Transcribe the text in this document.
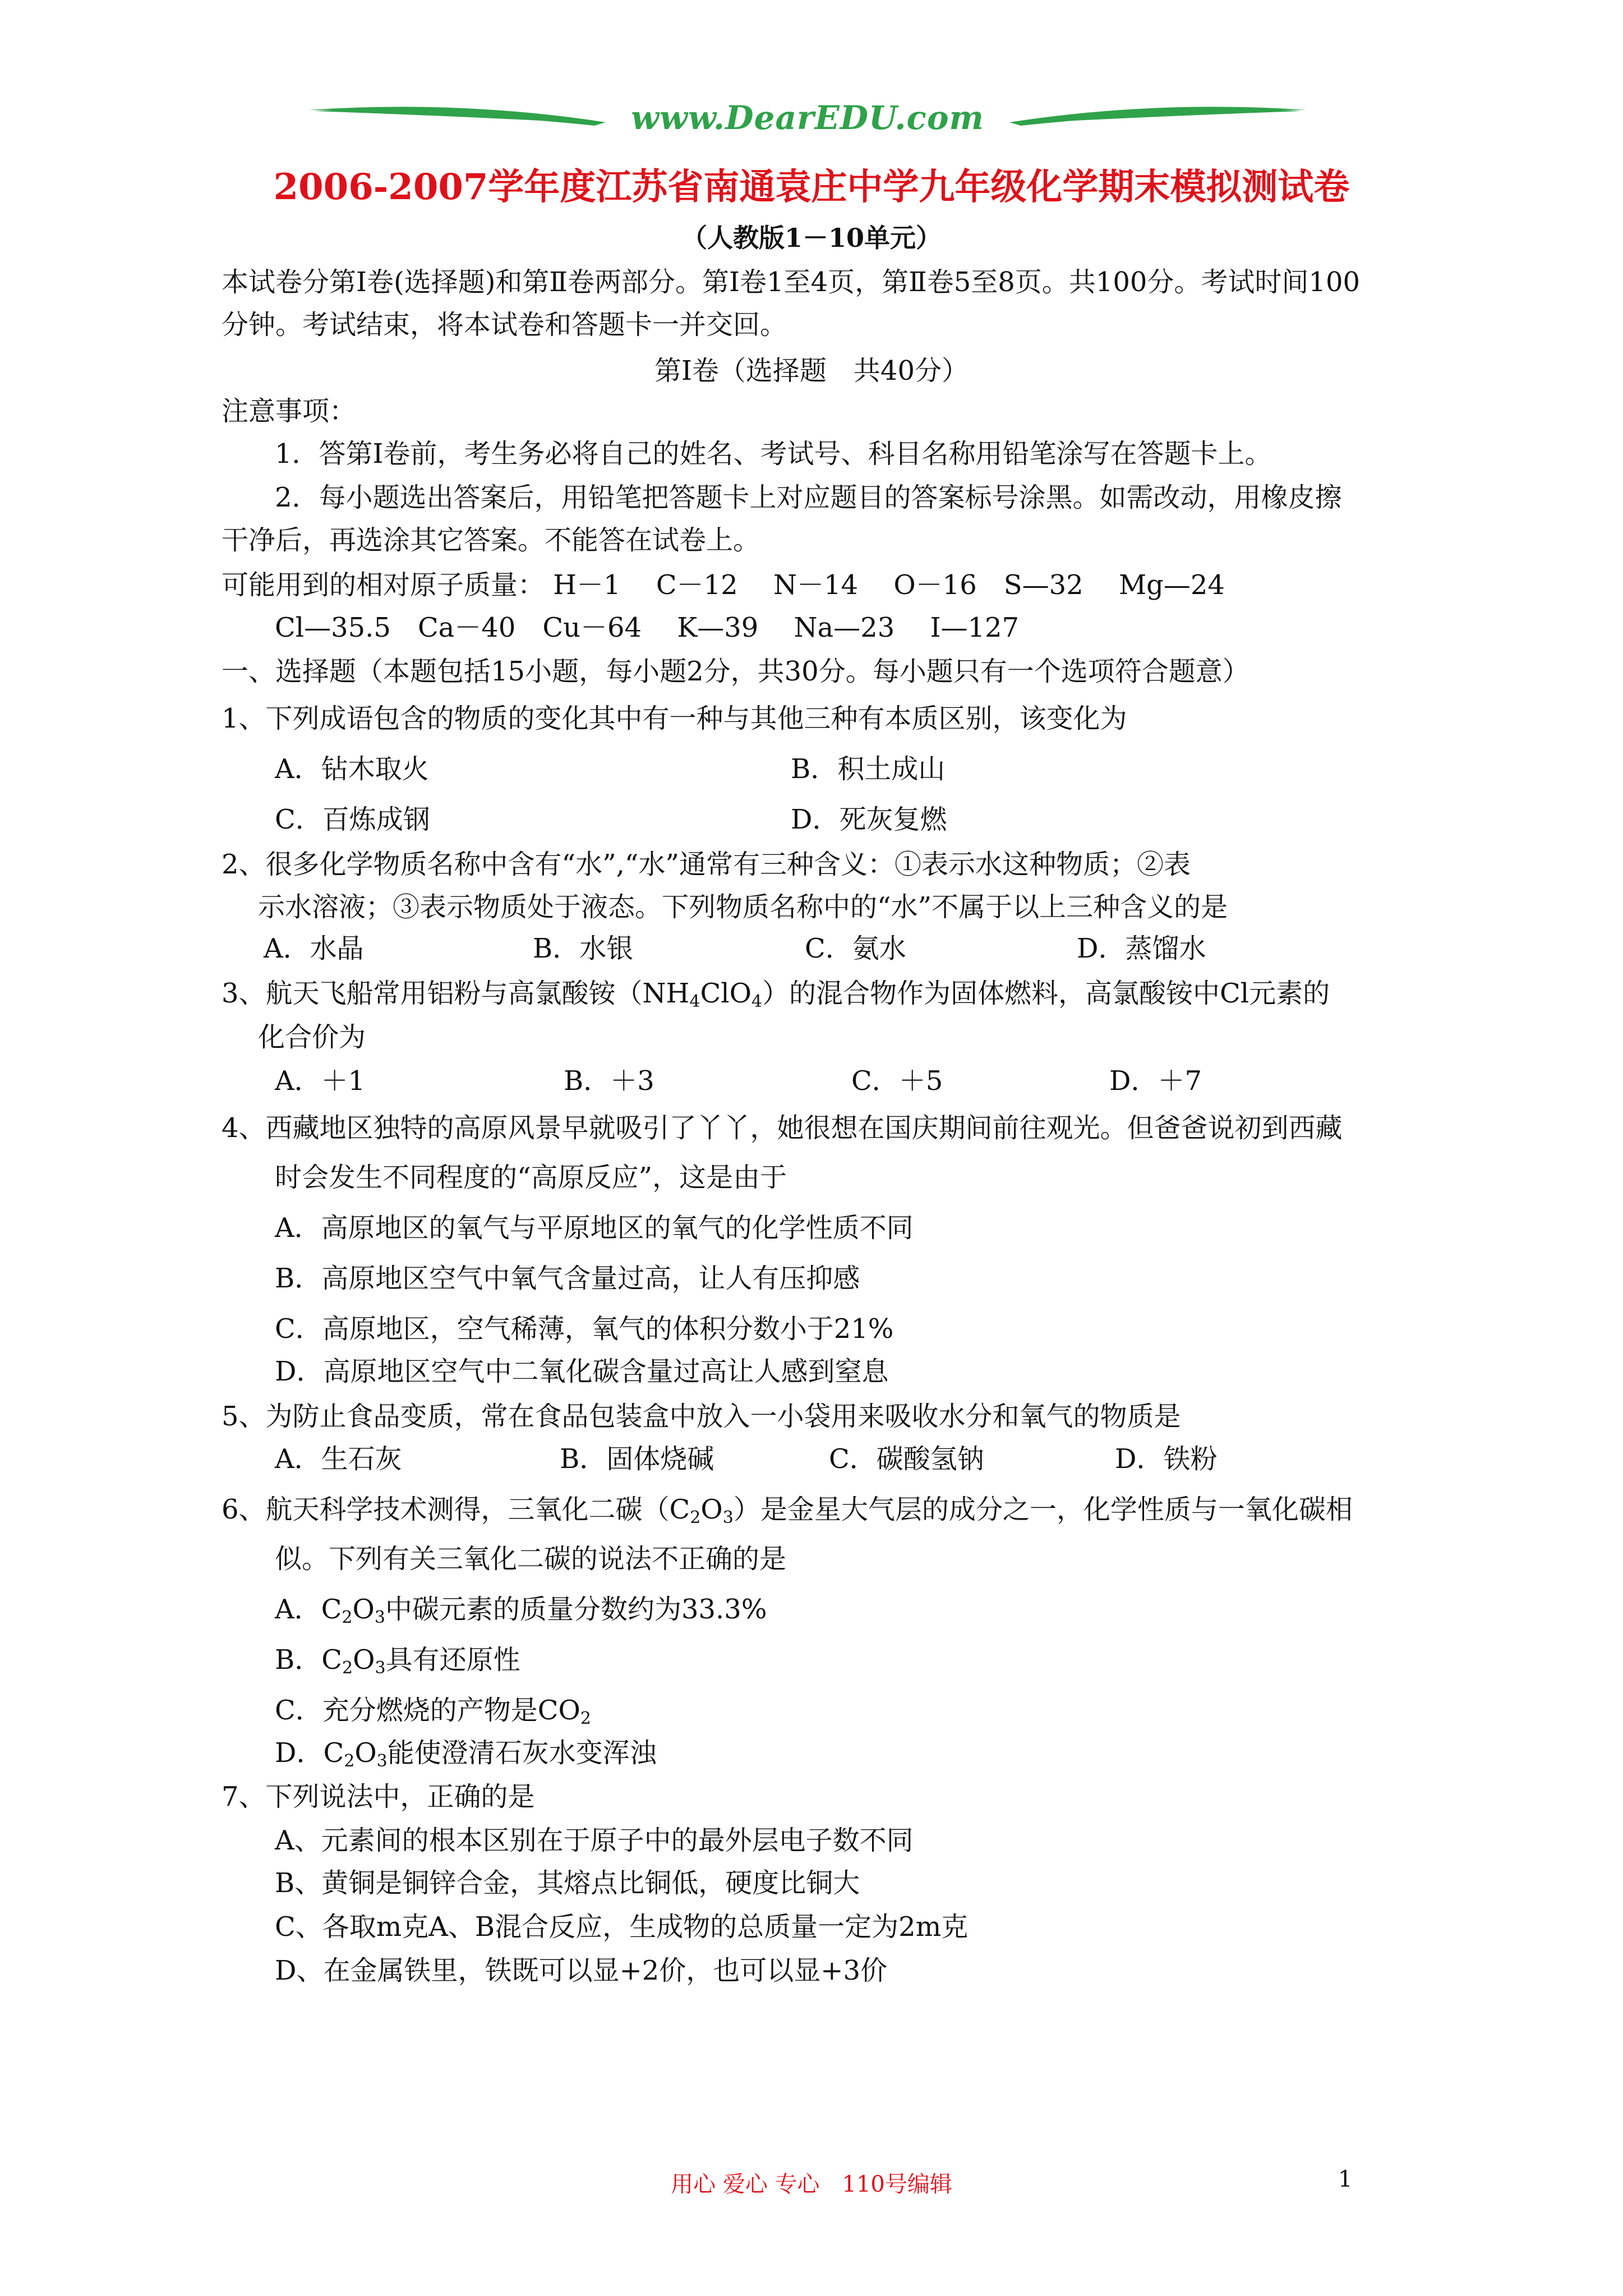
www.DearEDU.com
2006-2007学年度江苏省南通袁庄中学九年级化学期末模拟测试卷
（人教版1－10单元）
本试卷分第Ⅰ卷(选择题)和第Ⅱ卷两部分。第Ⅰ卷1至4页，第Ⅱ卷5至8页。共100分。考试时间100
分钟。考试结束，将本试卷和答题卡一并交回。
第Ⅰ卷（选择题　共40分）
注意事项：
1．答第Ⅰ卷前，考生务必将自己的姓名、考试号、科目名称用铅笔涂写在答题卡上。
2．每小题选出答案后，用铅笔把答题卡上对应题目的答案标号涂黑。如需改动，用橡皮擦
干净后，再选涂其它答案。不能答在试卷上。
可能用到的相对原子质量： H－1　 C－12　 N－14　 O－16　S—32　 Mg—24
Cl—35.5　Ca－40　Cu－64　 K—39　 Na—23　 I—127
一、选择题（本题包括15小题，每小题2分，共30分。每小题只有一个选项符合题意）
1、下列成语包含的物质的变化其中有一种与其他三种有本质区别，该变化为
A．钻木取火	B．积土成山
C．百炼成钢	D．死灰复燃
2、很多化学物质名称中含有“水”,“水”通常有三种含义：①表示水这种物质；②表
示水溶液；③表示物质处于液态。下列物质名称中的“水”不属于以上三种含义的是
A．水晶	B．水银	C．氨水	D．蒸馏水
3、航天飞船常用铝粉与高氯酸铵$(NH_4ClO_4)$的混合物作为固体燃料，高氯酸铵中Cl元素的
化合价为
A．＋1	B．＋3	C．＋5	D．＋7
4、西藏地区独特的高原风景早就吸引了丫丫，她很想在国庆期间前往观光。但爸爸说初到西藏
时会发生不同程度的“高原反应”，这是由于
A．高原地区的氧气与平原地区的氧气的化学性质不同
B．高原地区空气中氧气含量过高，让人有压抑感
C．高原地区，空气稀薄，氧气的体积分数小于21%
D．高原地区空气中二氧化碳含量过高让人感到窒息
5、为防止食品变质，常在食品包装盒中放入一小袋用来吸收水分和氧气的物质是
A．生石灰	B．固体烧碱	C．碳酸氢钠	D．铁粉
6、航天科学技术测得，三氧化二碳$(C_2O_3)$是金星大气层的成分之一，化学性质与一氧化碳相
似。下列有关三氧化二碳的说法不正确的是
A．$C_2O_3$中碳元素的质量分数约为33.3%
B．$C_2O_3$具有还原性
C．充分燃烧的产物是$CO_2$
D．$C_2O_3$能使澄清石灰水变浑浊
7、下列说法中，正确的是
A、元素间的根本区别在于原子中的最外层电子数不同
B、黄铜是铜锌合金，其熔点比铜低，硬度比铜大
C、各取m克A、B混合反应，生成物的总质量一定为2m克
D、在金属铁里，铁既可以显+2价，也可以显+3价
用心 爱心 专心　110号编辑	1
